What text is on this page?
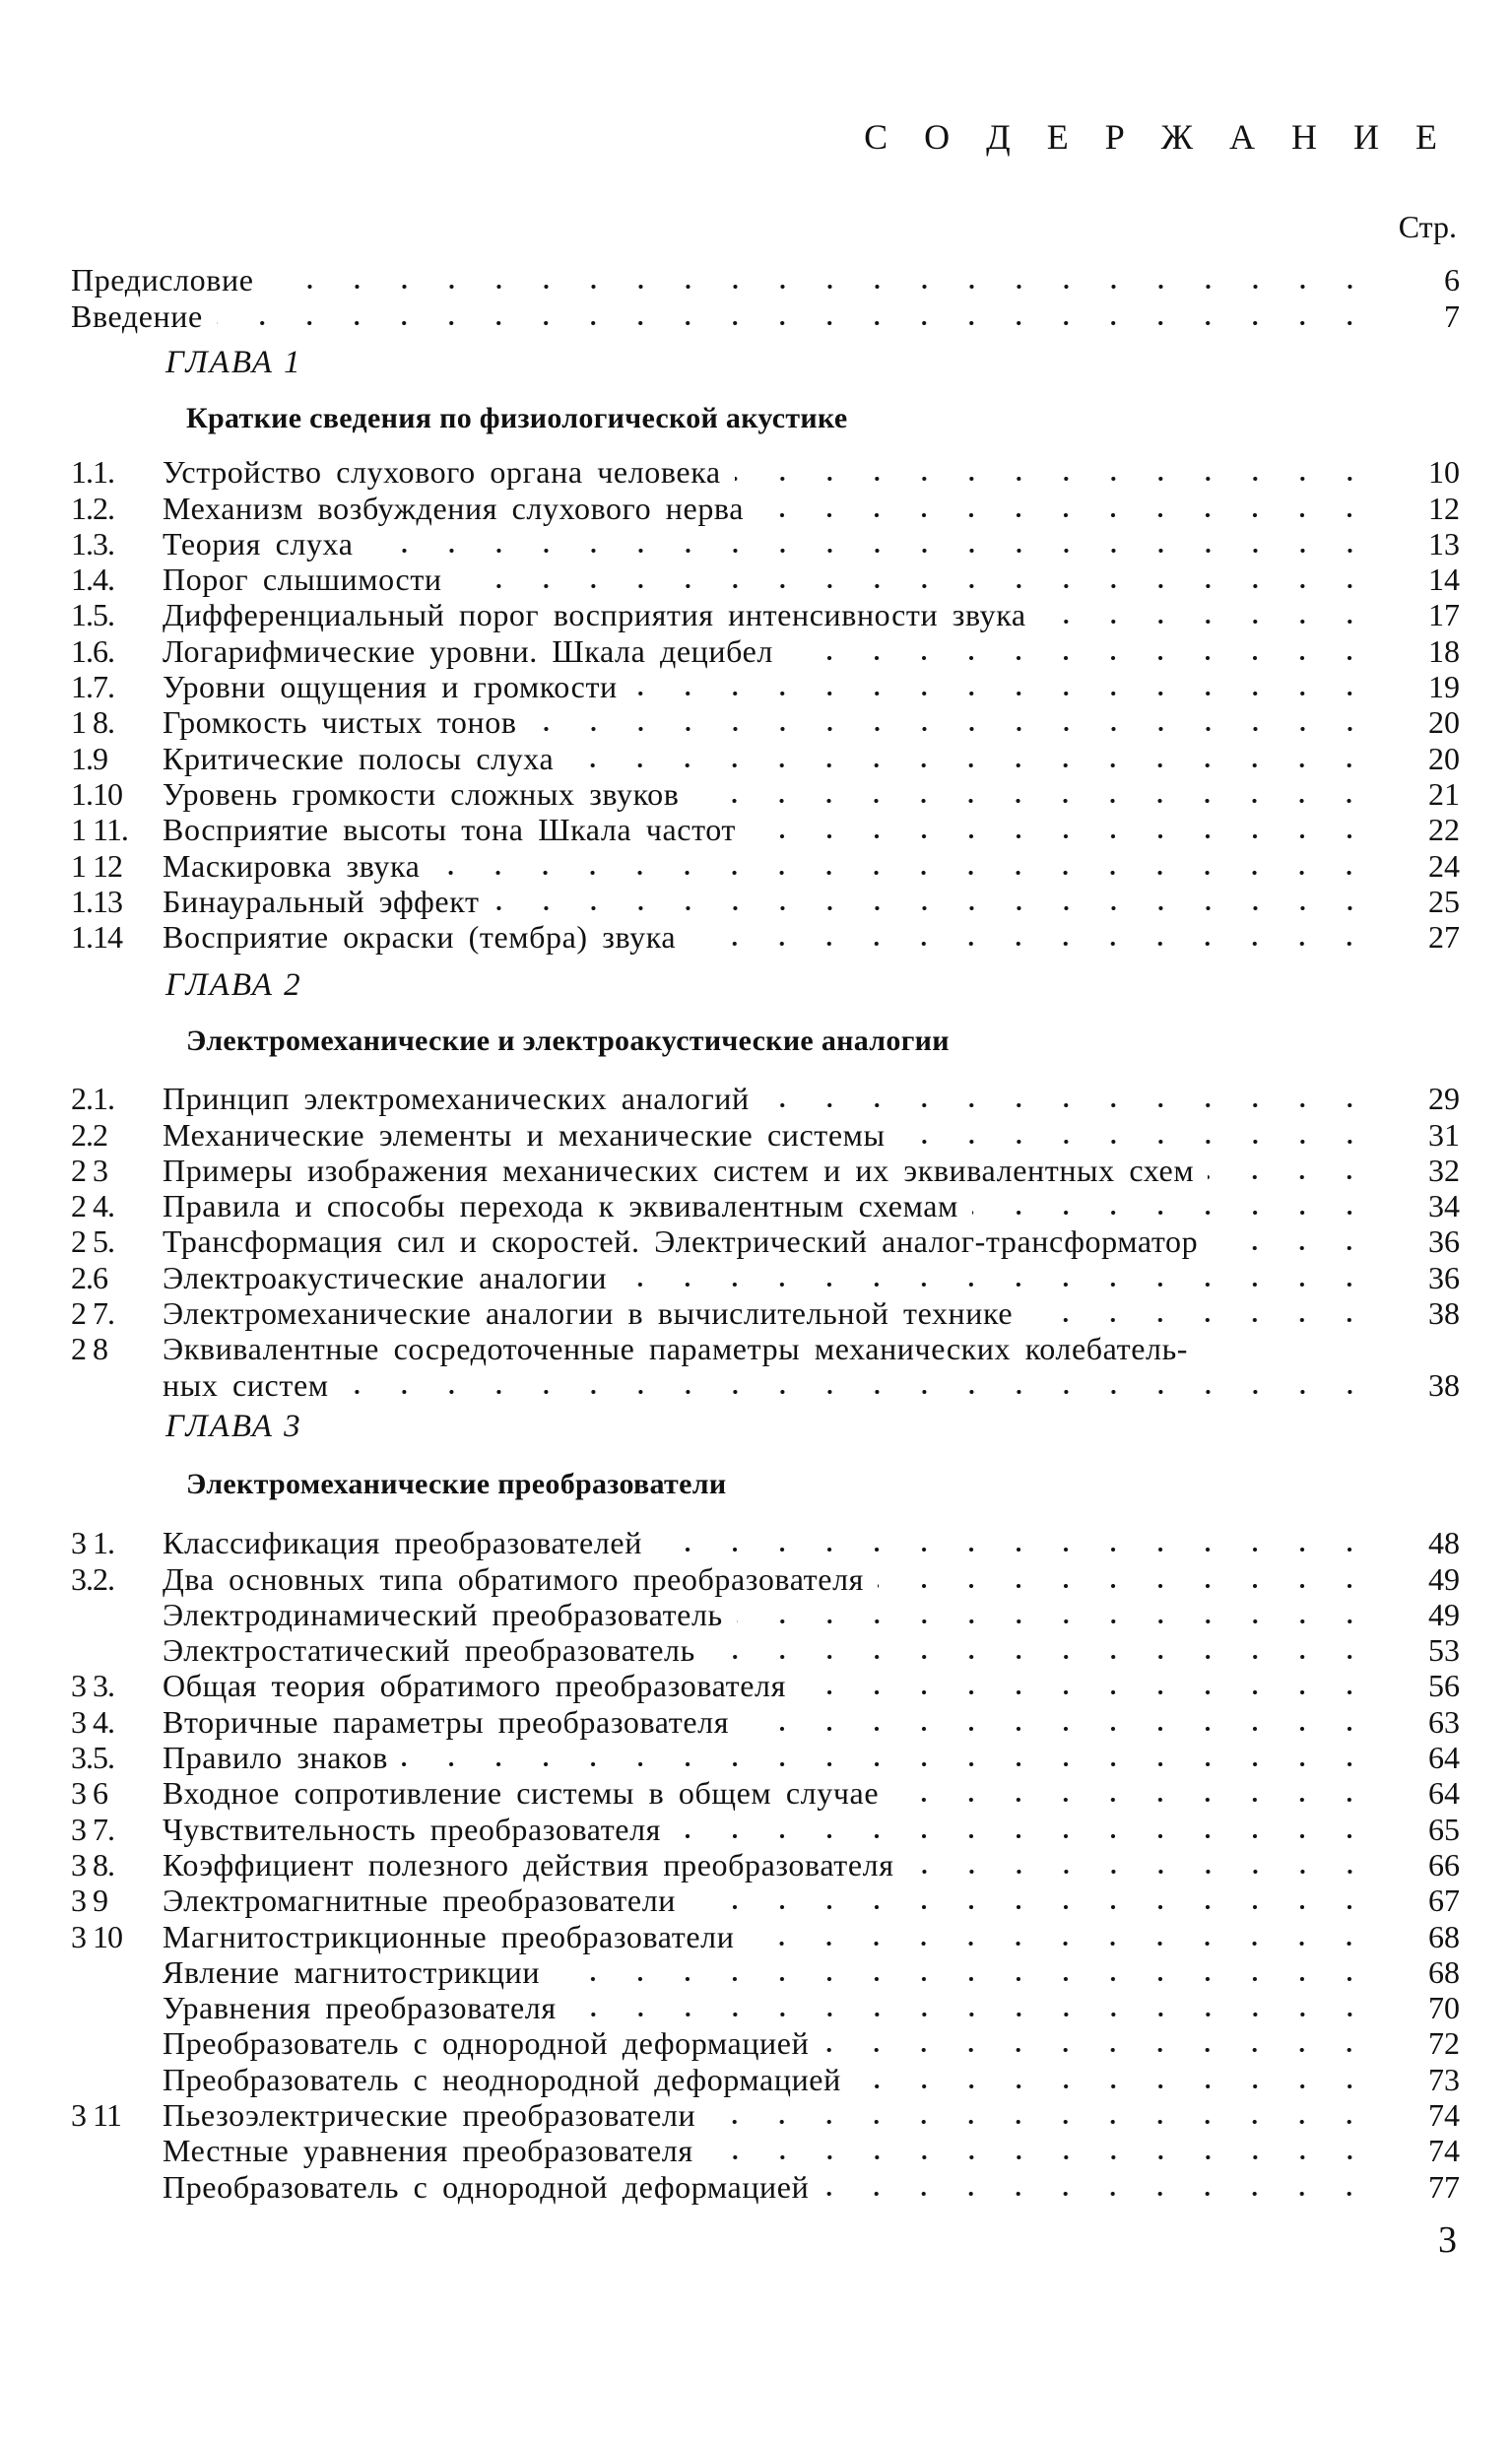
С О Д Е Р Ж А Н И Е
Стр.
Предисловие	6
Введение	7
ГЛАВА 1
Краткие сведения по физиологической акустике
1.1.	Устройство слухового органа человека	10
1.2.	Механизм возбуждения слухового нерва	12
1.3.	Теория слуха	13
1.4.	Порог слышимости	14
1.5.	Дифференциальный порог восприятия интенсивности звука	17
1.6.	Логарифмические уровни. Шкала децибел	18
1.7.	Уровни ощущения и громкости	19
1 8.	Громкость чистых тонов	20
1.9	Критические полосы слуха	20
1.10	Уровень громкости сложных звуков	21
1 11.	Восприятие высоты тона Шкала частот	22
1 12	Маскировка звука	24
1.13	Бинауральный эффект	25
1.14	Восприятие окраски (тембра) звука	27
ГЛАВА 2
Электромеханические и электроакустические аналогии
2.1.	Принцип электромеханических аналогий	29
2.2	Механические элементы и механические системы	31
2 3	Примеры изображения механических систем и их эквивалентных схем	32
2 4.	Правила и способы перехода к эквивалентным схемам	34
2 5.	Трансформация сил и скоростей. Электрический аналог-трансформатор	36
2.6	Электроакустические аналогии	36
2 7.	Электромеханические аналогии в вычислительной технике	38
2 8	Эквивалентные сосредоточенные параметры механических колебатель-
ных систем	38
ГЛАВА 3
Электромеханические преобразователи
3 1.	Классификация преобразователей	48
3.2.	Два основных типа обратимого преобразователя	49
Электродинамический преобразователь	49
Электростатический преобразователь	53
3 3.	Общая теория обратимого преобразователя	56
3 4.	Вторичные параметры преобразователя	63
3.5.	Правило знаков	64
3 6	Входное сопротивление системы в общем случае	64
3 7.	Чувствительность преобразователя	65
3 8.	Коэффициент полезного действия преобразователя	66
3 9	Электромагнитные преобразователи	67
3 10	Магнитострикционные преобразователи	68
Явление магнитострикции	68
Уравнения преобразователя	70
Преобразователь с однородной деформацией	72
Преобразователь с неоднородной деформацией	73
3 11	Пьезоэлектрические преобразователи	74
Местные уравнения преобразователя	74
Преобразователь с однородной деформацией	77
3
